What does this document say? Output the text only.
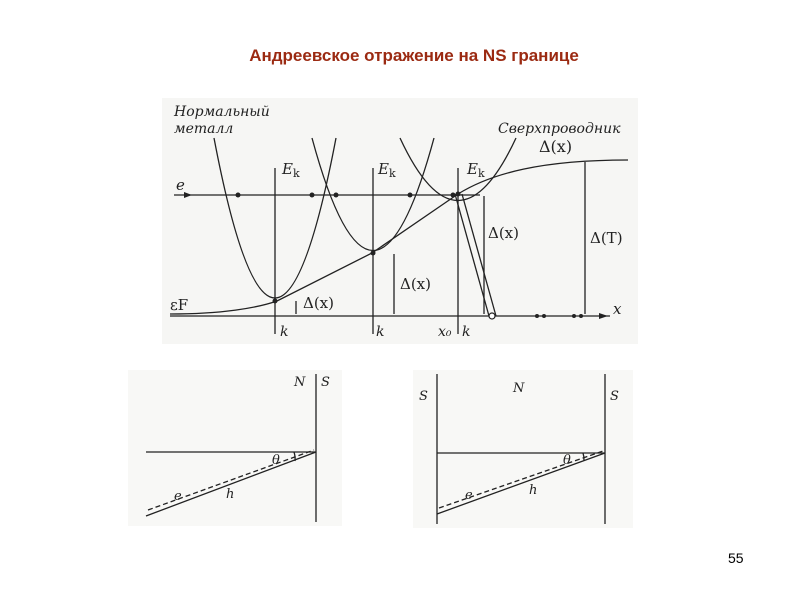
Андреевское отражение на NS границе
Нормальный
металл	Сверхпроводник
Δ(x)
e
εF	x
$E_k$	$E_k$	$E_k$
k	k	k
x₀
Δ(x)
Δ(x)
Δ(x)	Δ(T)
N S
θ
e	h
S
N
S
θ
e	h
55
